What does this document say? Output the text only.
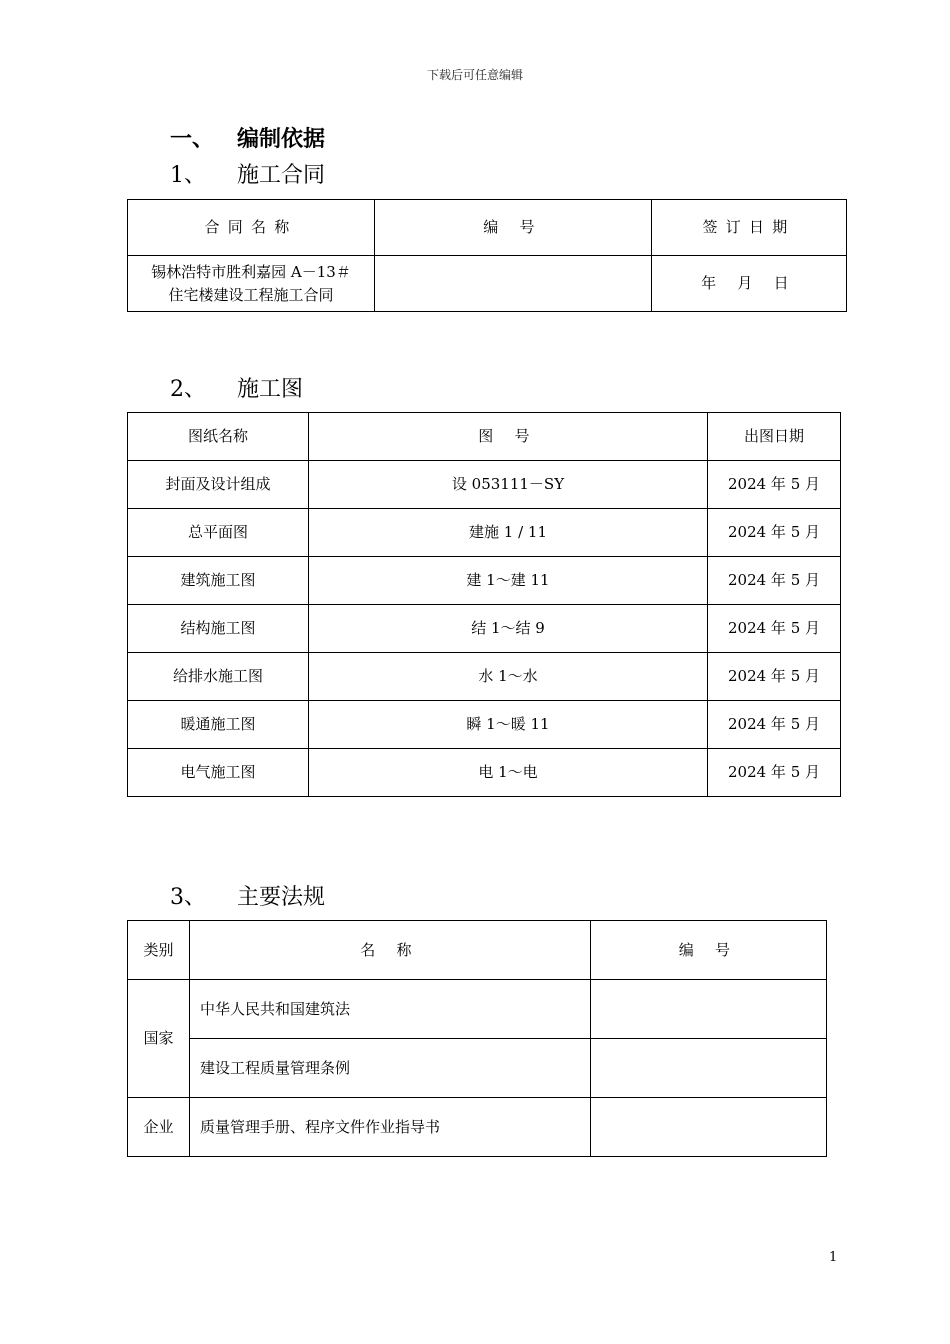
下载后可任意编辑
一、	编制依据
1、	施工合同
合同名称	编 号	签订日期

锡林浩特市胜利嘉园 A－13＃
住宅楼建设工程施工合同		年 月 日
2、	施工图
图纸名称	图 号	出图日期
封面及设计组成	设 053111－SY	2024 年 5 月
总平面图	建施 1 / 11	2024 年 5 月
建筑施工图	建 1～建 11	2024 年 5 月
结构施工图	结 1～结 9	2024 年 5 月
给排水施工图	水 1～水	2024 年 5 月
暖通施工图	瞬 1～暖 11	2024 年 5 月
电气施工图	电 1～电	2024 年 5 月
3、	主要法规
类别	名 称	编 号
国家	中华人民共和国建筑法	
	建设工程质量管理条例	
企业	质量管理手册、程序文件作业指导书	
1
